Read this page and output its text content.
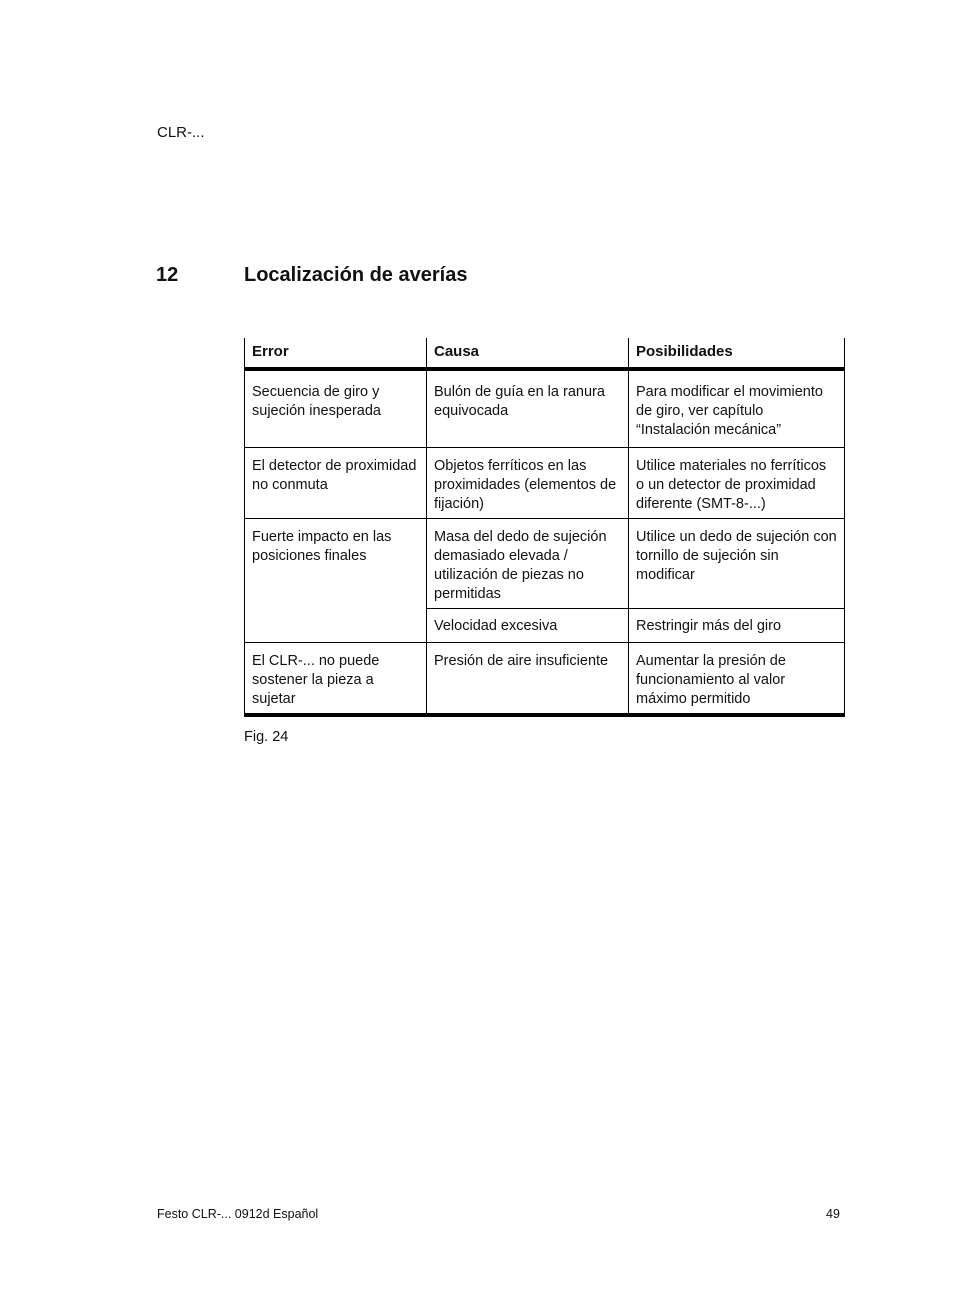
CLR-...
12	Localización de averías
Error	Causa	Posibilidades
Secuencia de giro y sujeción inesperada	Bulón de guía en la ranura equivocada	Para modificar el movimiento de giro, ver capítulo “Instalación mecánica”
El detector de proximidad no conmuta	Objetos ferríticos en las proximidades (elementos de fijación)	Utilice materiales no ferríticos o un detector de proximidad diferente (SMT-8-...)
Fuerte impacto en las posiciones finales	Masa del dedo de sujeción demasiado elevada / utilización de piezas no permitidas	Utilice un dedo de sujeción con tornillo de sujeción sin modificar
	Velocidad excesiva	Restringir más del giro
El CLR-... no puede sostener la pieza a sujetar	Presión de aire insuficiente	Aumentar la presión de funcionamiento al valor máximo permitido
Fig. 24
Festo CLR-... 0912d Español	49
